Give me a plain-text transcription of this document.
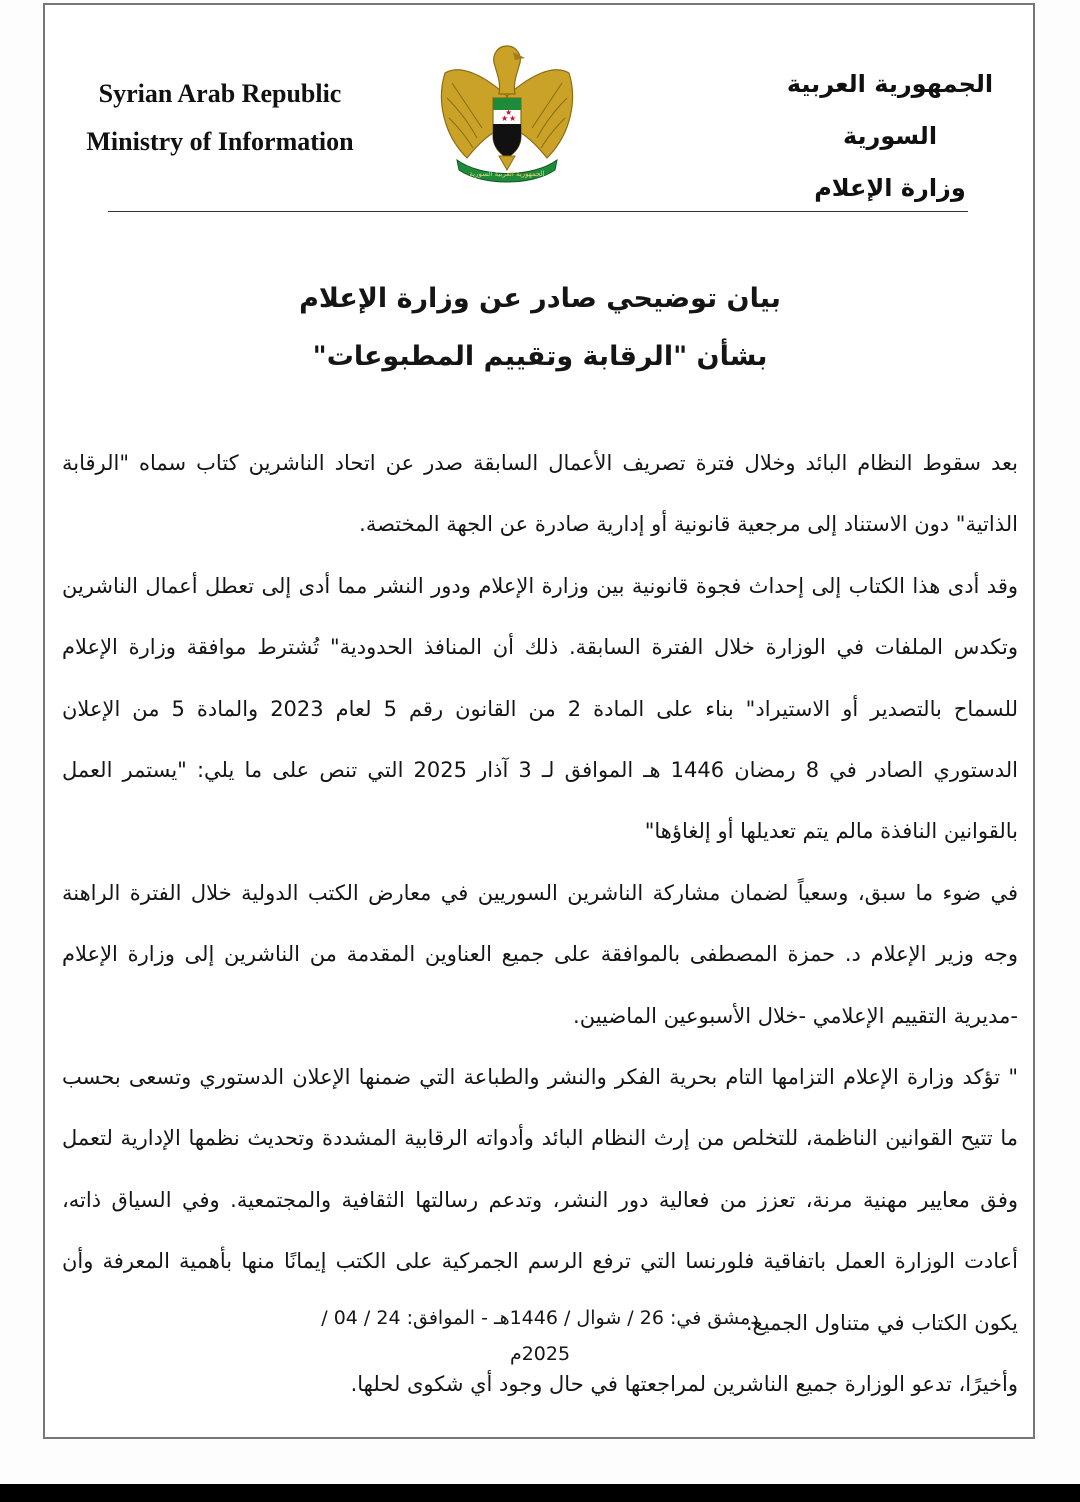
Syrian Arab Republic
Ministry of Information
★ ★
★
الجمهورية العربية السورية
الجمهورية العربية السورية
وزارة الإعلام
بيان توضيحي صادر عن وزارة الإعلام
بشأن "الرقابة وتقييم المطبوعات"

بعد سقوط النظام البائد وخلال فترة تصريف الأعمال السابقة صدر عن اتحاد الناشرين كتاب سماه "الرقابة الذاتية" دون الاستناد إلى مرجعية قانونية أو إدارية صادرة عن الجهة المختصة.

وقد أدى هذا الكتاب إلى إحداث فجوة قانونية بين وزارة الإعلام ودور النشر مما أدى إلى تعطل أعمال الناشرين وتكدس الملفات في الوزارة خلال الفترة السابقة. ذلك أن المنافذ الحدودية" تُشترط موافقة وزارة الإعلام للسماح بالتصدير أو الاستيراد" بناء على المادة 2 من القانون رقم 5 لعام 2023 والمادة 5 من الإعلان الدستوري الصادر في 8 رمضان 1446 هـ الموافق لـ 3 آذار 2025 التي تنص على ما يلي: "يستمر العمل بالقوانين النافذة مالم يتم تعديلها أو إلغاؤها"

في ضوء ما سبق، وسعياً لضمان مشاركة الناشرين السوريين في معارض الكتب الدولية خلال الفترة الراهنة وجه وزير الإعلام د. حمزة المصطفى بالموافقة على جميع العناوين المقدمة من الناشرين إلى وزارة الإعلام -مديرية التقييم الإعلامي -خلال الأسبوعين الماضيين.

" تؤكد وزارة الإعلام التزامها التام بحرية الفكر والنشر والطباعة التي ضمنها الإعلان الدستوري وتسعى بحسب ما تتيح القوانين الناظمة، للتخلص من إرث النظام البائد وأدواته الرقابية المشددة وتحديث نظمها الإدارية لتعمل وفق معايير مهنية مرنة، تعزز من فعالية دور النشر، وتدعم رسالتها الثقافية والمجتمعية. وفي السياق ذاته، أعادت الوزارة العمل باتفاقية فلورنسا التي ترفع الرسم الجمركية على الكتب إيمانًا منها بأهمية المعرفة وأن يكون الكتاب في متناول الجميع.

وأخيرًا، تدعو الوزارة جميع الناشرين لمراجعتها في حال وجود أي شكوى لحلها.

دمشق في: 26 / شوال / 1446هـ - الموافق: 24 / 04 / 2025م
